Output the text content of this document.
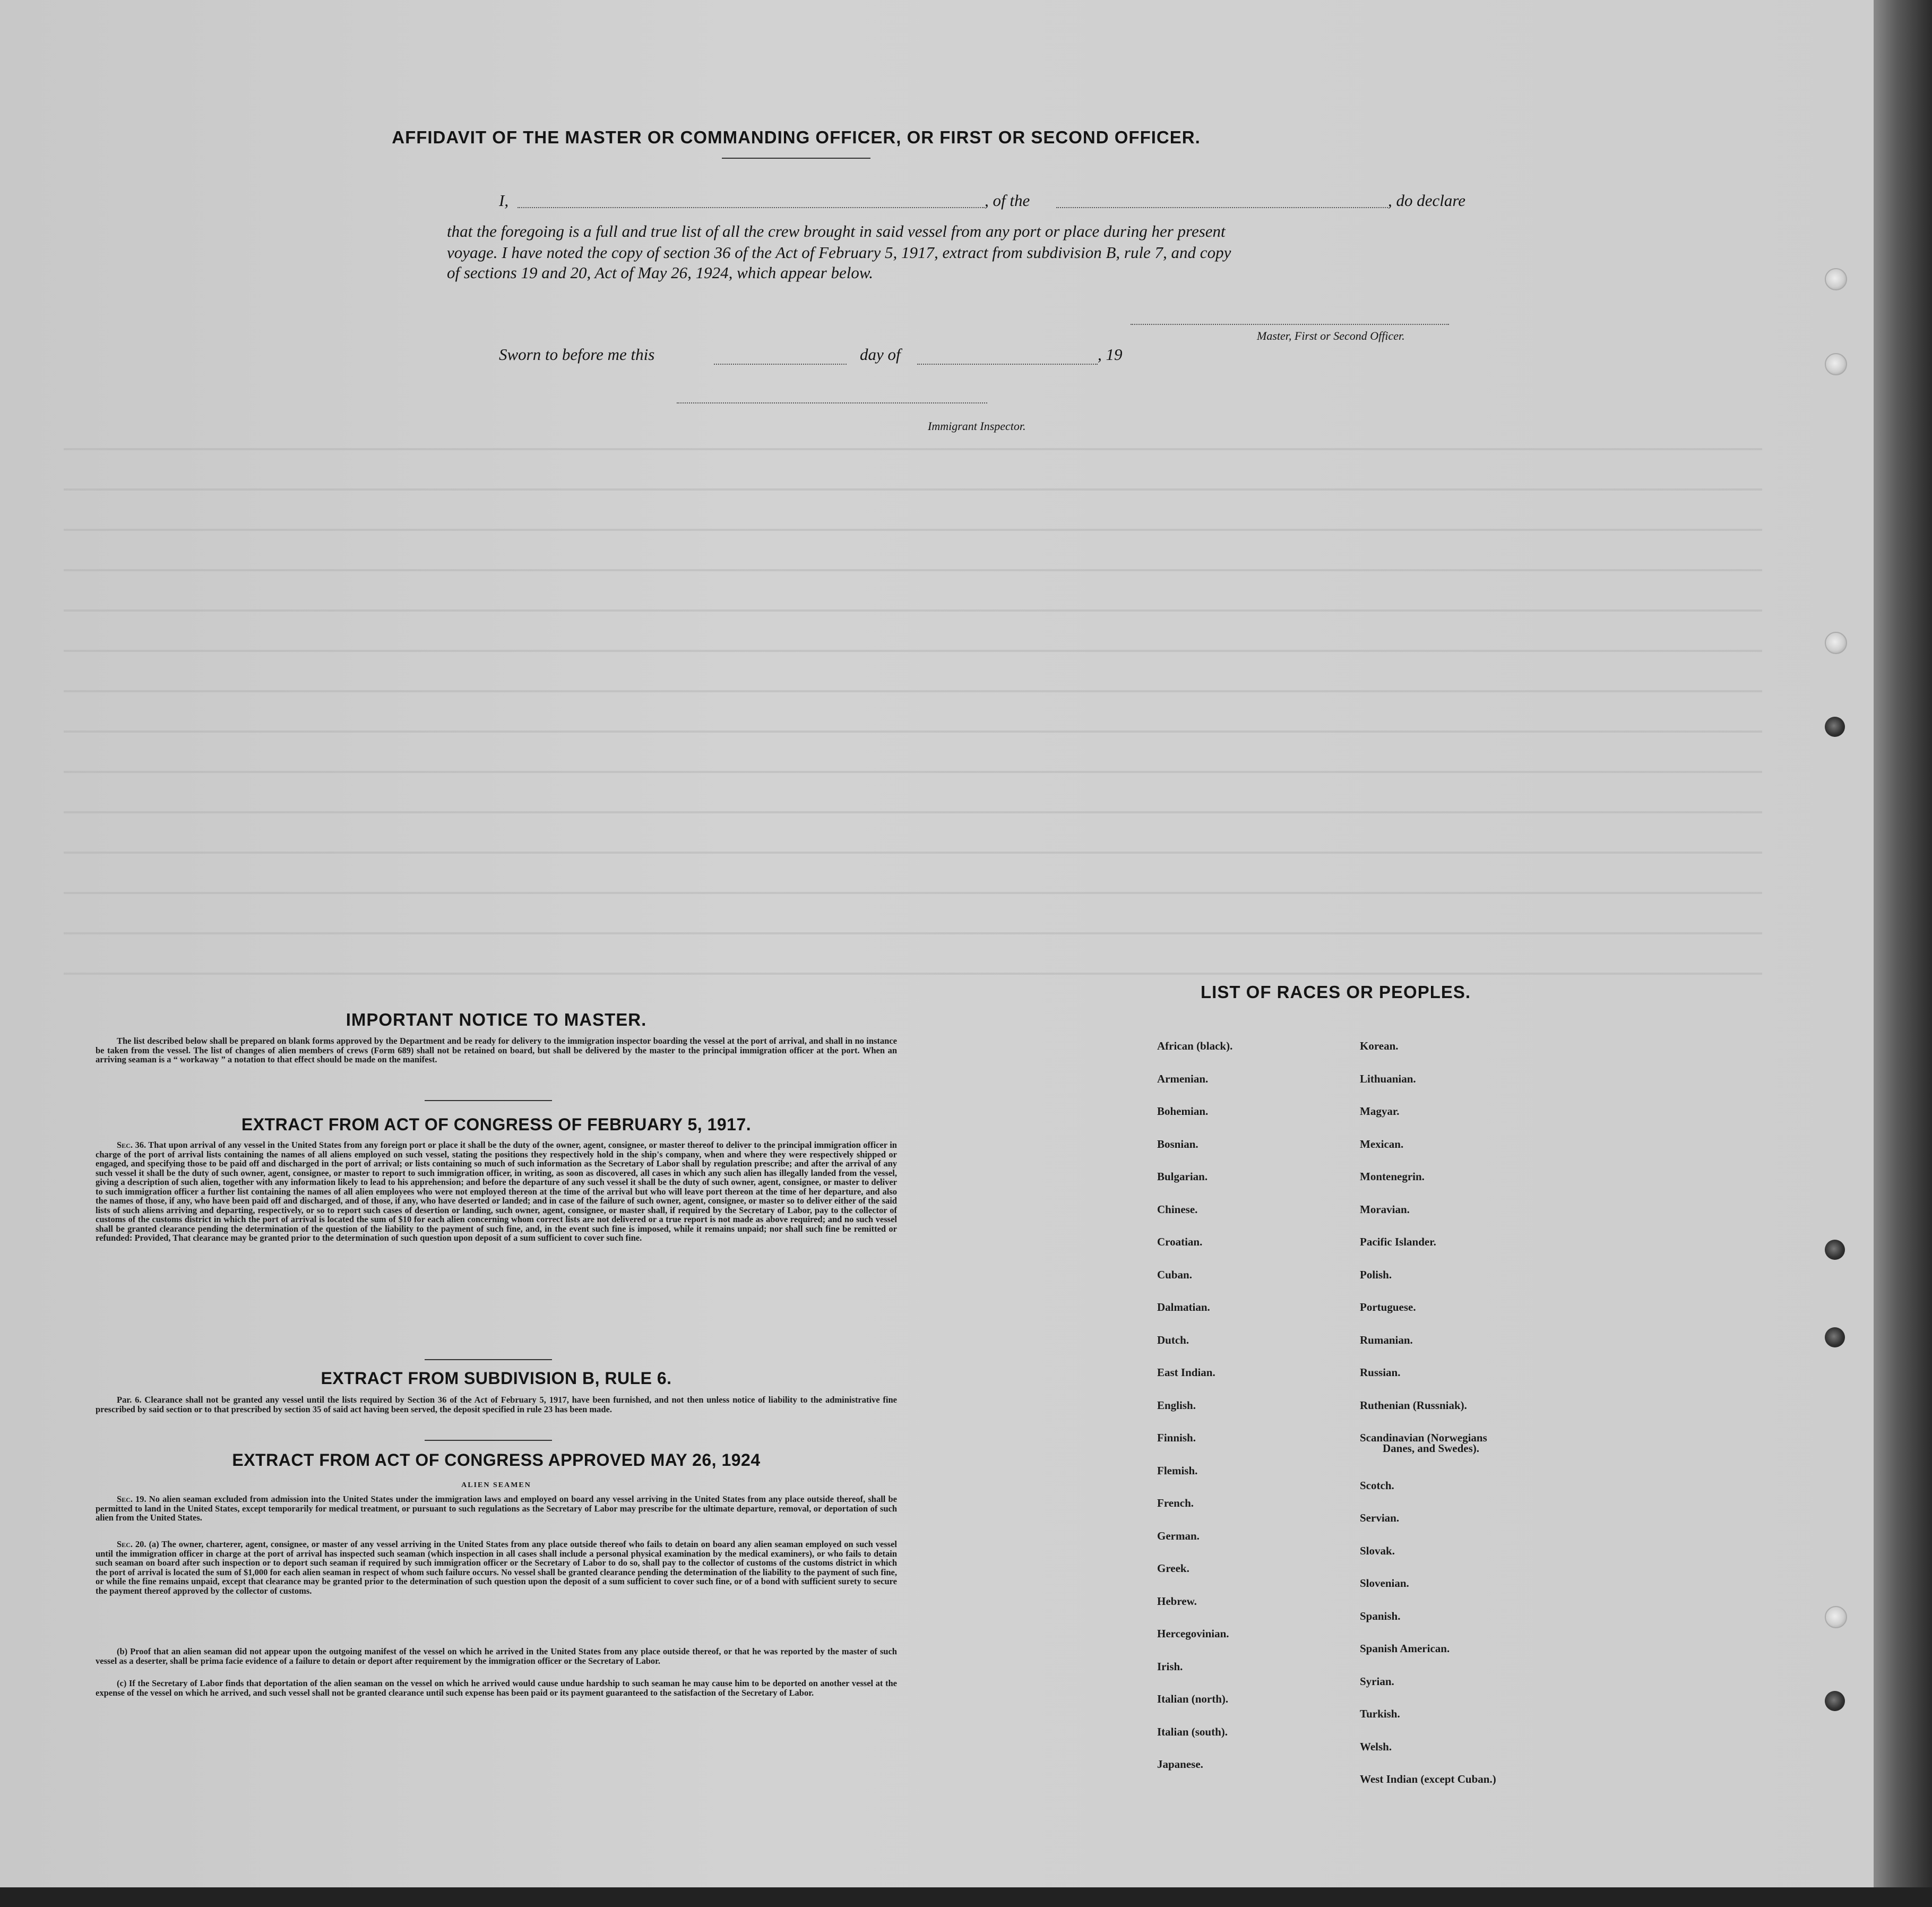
AFFIDAVIT OF THE MASTER OR COMMANDING OFFICER, OR FIRST OR SECOND OFFICER.
I,	, of the	, do declare
that the foregoing is a full and true list of all the crew brought in said vessel from any port or place during her present
voyage. I have noted the copy of section 36 of the Act of February 5, 1917, extract from subdivision B, rule 7, and copy
of sections 19 and 20, Act of May 26, 1924, which appear below.
Master, First or Second Officer.
Sworn to before me this	day of	, 19
Immigrant Inspector.
IMPORTANT NOTICE TO MASTER.
The list described below shall be prepared on blank forms approved by the Department and be ready for delivery to the immigration inspector boarding the vessel at the port of arrival, and shall in no instance be taken from the vessel. The list of changes of alien members of crews (Form 689) shall not be retained on board, but shall be delivered by the master to the principal immigration officer at the port. When an arriving seaman is a “ workaway ” a notation to that effect should be made on the manifest.
EXTRACT FROM ACT OF CONGRESS OF FEBRUARY 5, 1917.
Sec. 36. That upon arrival of any vessel in the United States from any foreign port or place it shall be the duty of the owner, agent, consignee, or master thereof to deliver to the principal immigration officer in charge of the port of arrival lists containing the names of all aliens employed on such vessel, stating the positions they respectively hold in the ship's company, when and where they were respectively shipped or engaged, and specifying those to be paid off and discharged in the port of arrival; or lists containing so much of such information as the Secretary of Labor shall by regulation prescribe; and after the arrival of any such vessel it shall be the duty of such owner, agent, consignee, or master to report to such immigration officer, in writing, as soon as discovered, all cases in which any such alien has illegally landed from the vessel, giving a description of such alien, together with any information likely to lead to his apprehension; and before the departure of any such vessel it shall be the duty of such owner, agent, consignee, or master to deliver to such immigration officer a further list containing the names of all alien employees who were not employed thereon at the time of the arrival but who will leave port thereon at the time of her departure, and also the names of those, if any, who have been paid off and discharged, and of those, if any, who have deserted or landed; and in case of the failure of such owner, agent, consignee, or master so to deliver either of the said lists of such aliens arriving and departing, respectively, or so to report such cases of desertion or landing, such owner, agent, consignee, or master shall, if required by the Secretary of Labor, pay to the collector of customs of the customs district in which the port of arrival is located the sum of $10 for each alien concerning whom correct lists are not delivered or a true report is not made as above required; and no such vessel shall be granted clearance pending the determination of the question of the liability to the payment of such fine, and, in the event such fine is imposed, while it remains unpaid; nor shall such fine be remitted or refunded: Provided, That clearance may be granted prior to the determination of such question upon deposit of a sum sufficient to cover such fine.
EXTRACT FROM SUBDIVISION B, RULE 6.
Par. 6. Clearance shall not be granted any vessel until the lists required by Section 36 of the Act of February 5, 1917, have been furnished, and not then unless notice of liability to the administrative fine prescribed by said section or to that prescribed by section 35 of said act having been served, the deposit specified in rule 23 has been made.
EXTRACT FROM ACT OF CONGRESS APPROVED MAY 26, 1924
ALIEN SEAMEN
Sec. 19. No alien seaman excluded from admission into the United States under the immigration laws and employed on board any vessel arriving in the United States from any place outside thereof, shall be permitted to land in the United States, except temporarily for medical treatment, or pursuant to such regulations as the Secretary of Labor may prescribe for the ultimate departure, removal, or deportation of such alien from the United States.
Sec. 20. (a) The owner, charterer, agent, consignee, or master of any vessel arriving in the United States from any place outside thereof who fails to detain on board any alien seaman employed on such vessel until the immigration officer in charge at the port of arrival has inspected such seaman (which inspection in all cases shall include a personal physical examination by the medical examiners), or who fails to detain such seaman on board after such inspection or to deport such seaman if required by such immigration officer or the Secretary of Labor to do so, shall pay to the collector of customs of the customs district in which the port of arrival is located the sum of $1,000 for each alien seaman in respect of whom such failure occurs. No vessel shall be granted clearance pending the determination of the liability to the payment of such fine, or while the fine remains unpaid, except that clearance may be granted prior to the determination of such question upon the deposit of a sum sufficient to cover such fine, or of a bond with sufficient surety to secure the payment thereof approved by the collector of customs.
(b) Proof that an alien seaman did not appear upon the outgoing manifest of the vessel on which he arrived in the United States from any place outside thereof, or that he was reported by the master of such vessel as a deserter, shall be prima facie evidence of a failure to detain or deport after requirement by the immigration officer or the Secretary of Labor.
(c) If the Secretary of Labor finds that deportation of the alien seaman on the vessel on which he arrived would cause undue hardship to such seaman he may cause him to be deported on another vessel at the expense of the vessel on which he arrived, and such vessel shall not be granted clearance until such expense has been paid or its payment guaranteed to the satisfaction of the Secretary of Labor.
LIST OF RACES OR PEOPLES.
Danes, and Swedes).
African (black).
Armenian.
Bohemian.
Bosnian.
Bulgarian.
Chinese.
Croatian.
Cuban.
Dalmatian.
Dutch.
East Indian.
English.
Finnish.
Flemish.
French.
German.
Greek.
Hebrew.
Hercegovinian.
Irish.
Italian (north).
Italian (south).
Japanese.
Korean.
Lithuanian.
Magyar.
Mexican.
Montenegrin.
Moravian.
Pacific Islander.
Polish.
Portuguese.
Rumanian.
Russian.
Ruthenian (Russniak).
Scandinavian (Norwegians
Scotch.
Servian.
Slovak.
Slovenian.
Spanish.
Spanish American.
Syrian.
Turkish.
Welsh.
West Indian (except Cuban.)
